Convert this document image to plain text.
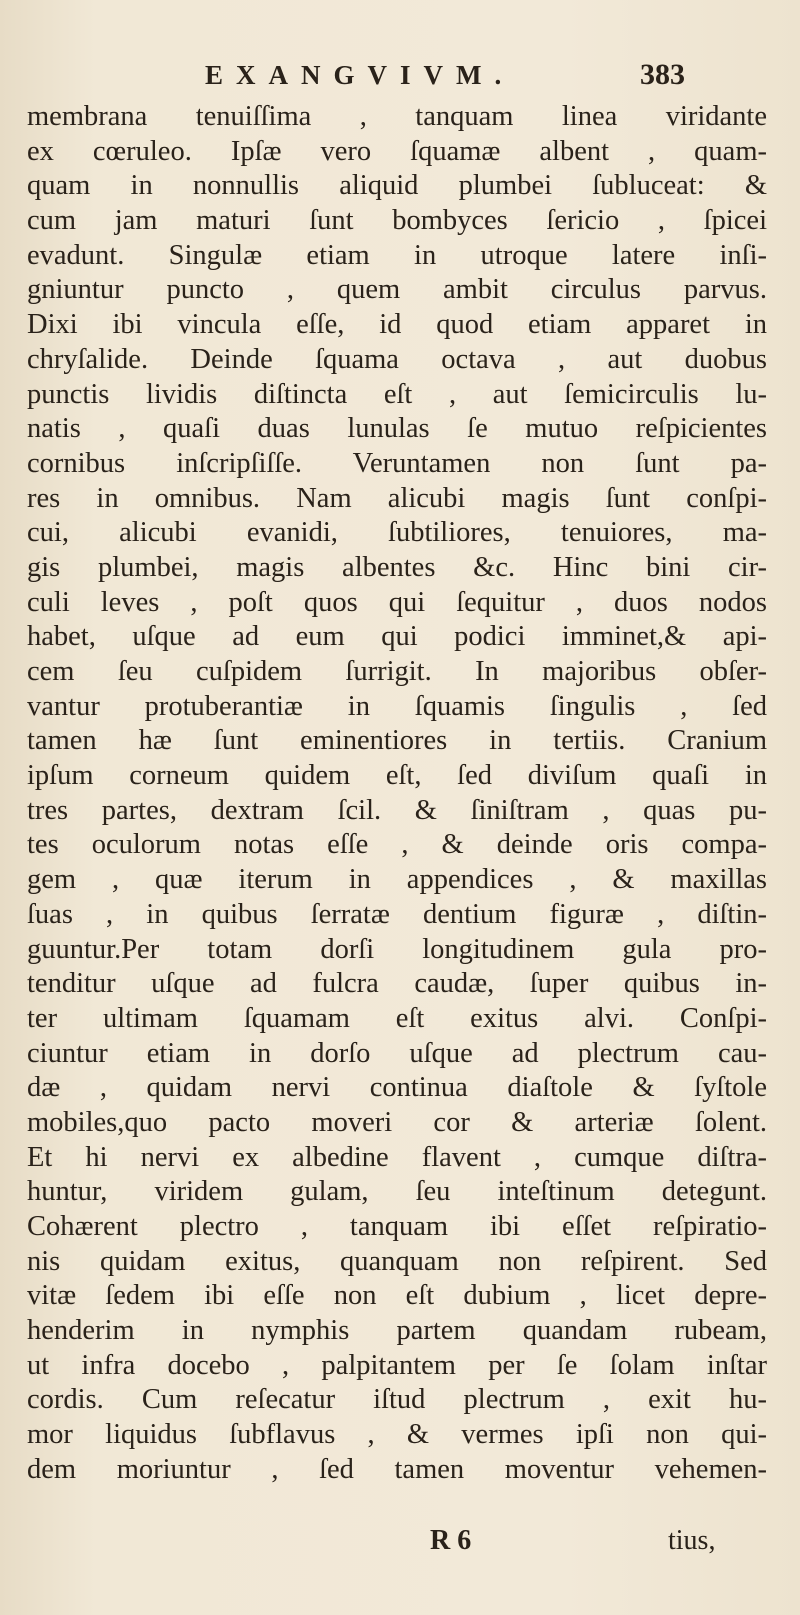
EXANGVIVM.	383
membrana tenuiſſima , tanquam linea viridante
ex cœruleo. Ipſæ vero ſquamæ albent , quam-
quam in nonnullis aliquid plumbei ſubluceat: &
cum jam maturi ſunt bombyces ſericio , ſpicei
evadunt. Singulæ etiam in utroque latere inſi-
gniuntur puncto , quem ambit circulus parvus.
Dixi ibi vincula eſſe, id quod etiam apparet in
chryſalide. Deinde ſquama octava , aut duobus
punctis lividis diſtincta eſt , aut ſemicirculis lu-
natis , quaſi duas lunulas ſe mutuo reſpicientes
cornibus inſcripſiſſe. Veruntamen non ſunt pa-
res in omnibus. Nam alicubi magis ſunt conſpi-
cui, alicubi evanidi, ſubtiliores, tenuiores, ma-
gis plumbei, magis albentes &c. Hinc bini cir-
culi leves , poſt quos qui ſequitur , duos nodos
habet, uſque ad eum qui podici imminet,& api-
cem ſeu cuſpidem ſurrigit. In majoribus obſer-
vantur protuberantiæ in ſquamis ſingulis , ſed
tamen hæ ſunt eminentiores in tertiis. Cranium
ipſum corneum quidem eſt, ſed diviſum quaſi in
tres partes, dextram ſcil. & ſiniſtram , quas pu-
tes oculorum notas eſſe , & deinde oris compa-
gem , quæ iterum in appendices , & maxillas
ſuas , in quibus ſerratæ dentium figuræ , diſtin-
guuntur.Per totam dorſi longitudinem gula pro-
tenditur uſque ad fulcra caudæ, ſuper quibus in-
ter ultimam ſquamam eſt exitus alvi. Conſpi-
ciuntur etiam in dorſo uſque ad plectrum cau-
dæ , quidam nervi continua diaſtole & ſyſtole
mobiles,quo pacto moveri cor & arteriæ ſolent.
Et hi nervi ex albedine flavent , cumque diſtra-
huntur, viridem gulam, ſeu inteſtinum detegunt.
Cohærent plectro , tanquam ibi eſſet reſpiratio-
nis quidam exitus, quanquam non reſpirent. Sed
vitæ ſedem ibi eſſe non eſt dubium , licet depre-
henderim in nymphis partem quandam rubeam,
ut infra docebo , palpitantem per ſe ſolam inſtar
cordis. Cum reſecatur iſtud plectrum , exit hu-
mor liquidus ſubflavus , & vermes ipſi non qui-
dem moriuntur , ſed tamen moventur vehemen-
R 6	tius,
